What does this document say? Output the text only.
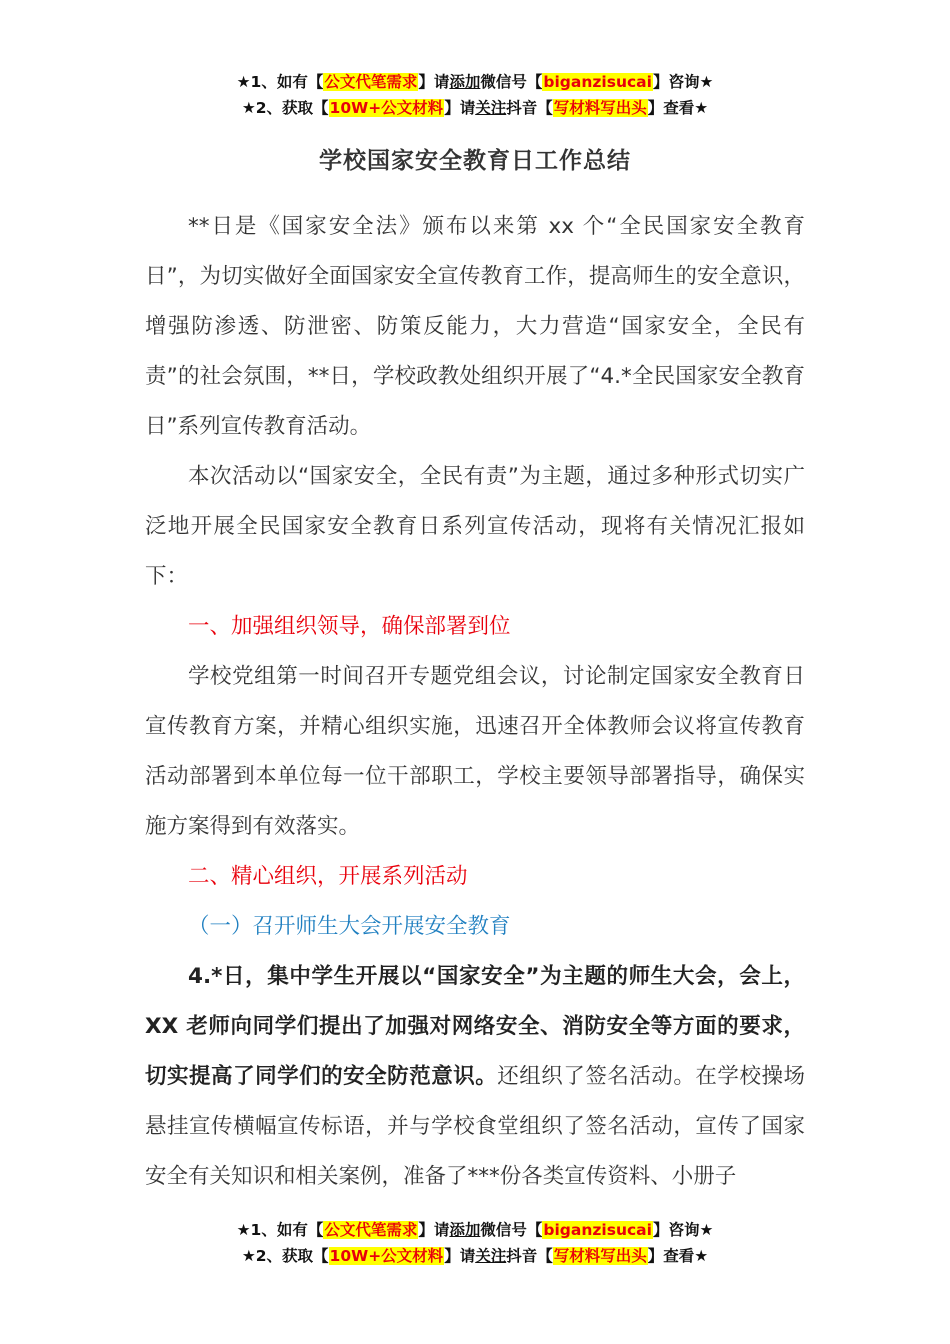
★1、如有【公文代笔需求】请添加微信号【biganzisucai】咨询★
★2、获取【10W+公文材料】请关注抖音【写材料写出头】查看★
学校国家安全教育日工作总结

**日是《国家安全法》颁布以来第 xx 个“全民国家安全教育日”，为切实做好全面国家安全宣传教育工作，提高师生的安全意识，增强防渗透、防泄密、防策反能力，大力营造“国家安全，全民有责”的社会氛围，**日，学校政教处组织开展了“4.*全民国家安全教育日”系列宣传教育活动。

本次活动以“国家安全，全民有责”为主题，通过多种形式切实广泛地开展全民国家安全教育日系列宣传活动，现将有关情况汇报如下：

一、加强组织领导，确保部署到位

学校党组第一时间召开专题党组会议，讨论制定国家安全教育日宣传教育方案，并精心组织实施，迅速召开全体教师会议将宣传教育活动部署到本单位每一位干部职工，学校主要领导部署指导，确保实施方案得到有效落实。

二、精心组织，开展系列活动

（一）召开师生大会开展安全教育

4.*日，集中学生开展以“国家安全”为主题的师生大会，会上，XX 老师向同学们提出了加强对网络安全、消防安全等方面的要求，切实提高了同学们的安全防范意识。还组织了签名活动。在学校操场悬挂宣传横幅宣传标语，并与学校食堂组织了签名活动，宣传了国家安全有关知识和相关案例，准备了***份各类宣传资料、小册子

★1、如有【公文代笔需求】请添加微信号【biganzisucai】咨询★
★2、获取【10W+公文材料】请关注抖音【写材料写出头】查看★
